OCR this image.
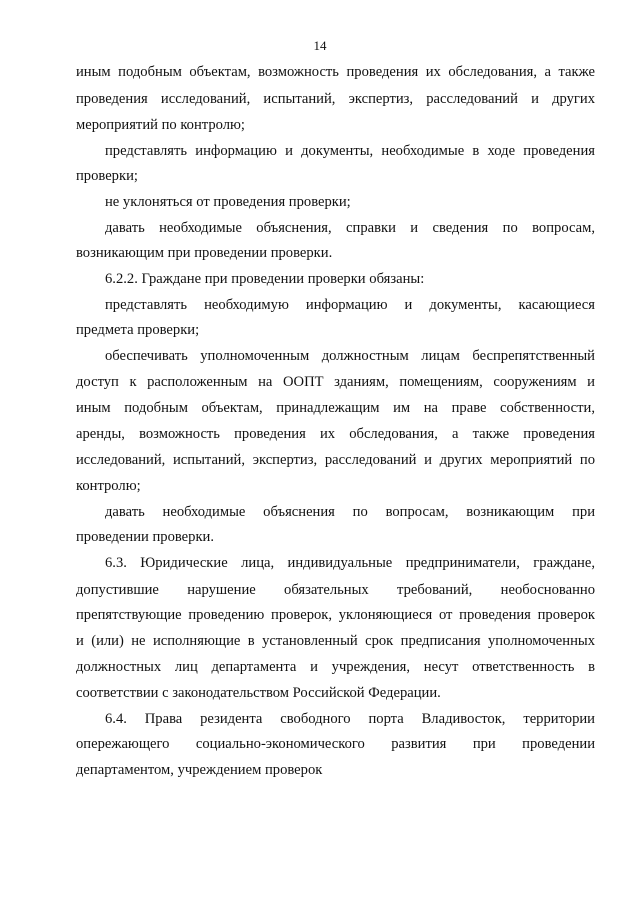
14
иным подобным объектам, возможность проведения их обследования, а также
проведения исследований, испытаний, экспертиз, расследований и других
мероприятий по контролю;
представлять информацию и документы, необходимые в ходе проведения
проверки;
не уклоняться от проведения проверки;
давать необходимые объяснения, справки и сведения по вопросам,
возникающим при проведении проверки.
6.2.2. Граждане при проведении проверки обязаны:
представлять необходимую информацию и документы, касающиеся
предмета проверки;
обеспечивать уполномоченным должностным лицам беспрепятственный
доступ к расположенным на ООПТ зданиям, помещениям, сооружениям и
иным подобным объектам, принадлежащим им на праве собственности,
аренды, возможность проведения их обследования, а также проведения
исследований, испытаний, экспертиз, расследований и других мероприятий по
контролю;
давать необходимые объяснения по вопросам, возникающим при
проведении проверки.
6.3. Юридические лица, индивидуальные предприниматели, граждане,
допустившие нарушение обязательных требований, необоснованно
препятствующие проведению проверок, уклоняющиеся от проведения проверок
и (или) не исполняющие в установленный срок предписания уполномоченных
должностных лиц департамента и учреждения, несут ответственность в
соответствии с законодательством Российской Федерации.
6.4. Права резидента свободного порта Владивосток, территории
опережающего социально-экономического развития при проведении
департаментом, учреждением проверок
